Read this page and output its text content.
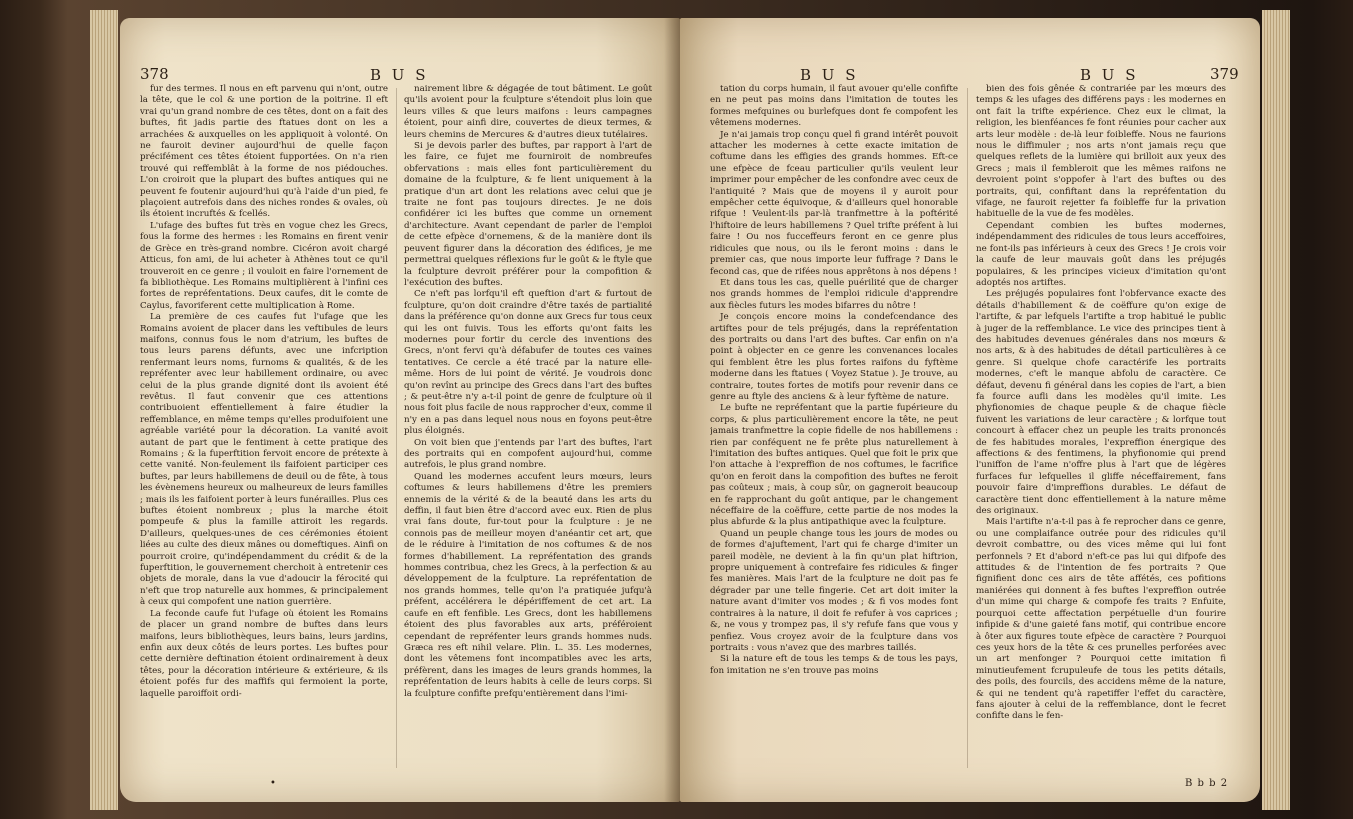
378	B U S

fur des termes. Il nous en eft parvenu qui n'ont, outre la tête, que le col & une portion de la poitrine. Il eft vrai qu'un grand nombre de ces têtes, dont on a fait des buftes, fit jadis partie des ftatues dont on les a arrachées & auxquelles on les appliquoit à volonté. On ne fauroit deviner aujourd'hui de quelle façon précifément ces têtes étoient fupportées. On n'a rien trouvé qui reffemblât à la forme de nos piédouches. L'on croiroit que la plupart des buftes antiques qui ne peuvent fe foutenir aujourd'hui qu'à l'aide d'un pied, fe plaçoient autrefois dans des niches rondes & ovales, où ils étoient incruftés & fcellés.

L'ufage des buftes fut très en vogue chez les Grecs, fous la forme des hermes : les Romains en firent venir de Grèce en très-grand nombre. Cicéron avoit chargé Atticus, fon ami, de lui acheter à Athènes tout ce qu'il trouveroit en ce genre ; il vouloit en faire l'ornement de fa bibliothèque. Les Romains multiplièrent à l'infini ces fortes de repréfentations. Deux caufes, dit le comte de Caylus, favoriferent cette multiplication à Rome.

La première de ces caufes fut l'ufage que les Romains avoient de placer dans les veftibules de leurs maifons, connus fous le nom d'atrium, les buftes de tous leurs parens défunts, avec une infcription renfermant leurs noms, furnoms & qualités, & de les repréfenter avec leur habillement ordinaire, ou avec celui de la plus grande dignité dont ils avoient été revêtus. Il faut convenir que ces attentions contribuoient effentiellement à faire étudier la reffemblance, en même temps qu'elles produifoient une agréable variété pour la décoration. La vanité avoit autant de part que le fentiment à cette pratique des Romains ; & la fuperftition fervoit encore de prétexte à cette vanité. Non-feulement ils faifoient participer ces buftes, par leurs habillemens de deuil ou de fête, à tous les évènemens heureux ou malheureux de leurs familles ; mais ils les faifoient porter à leurs funérailles. Plus ces buftes étoient nombreux ; plus la marche étoit pompeufe & plus la famille attiroit les regards. D'ailleurs, quelques-unes de ces cérémonies étoient liées au culte des dieux mânes ou domeftiques. Ainfi on pourroit croire, qu'indépendamment du crédit & de la fuperftition, le gouvernement cherchoit à entretenir ces objets de morale, dans la vue d'adoucir la férocité qui n'eft que trop naturelle aux hommes, & principalement à ceux qui compofent une nation guerrière.

La feconde caufe fut l'ufage où étoient les Romains de placer un grand nombre de buftes dans leurs maifons, leurs bibliothèques, leurs bains, leurs jardins, enfin aux deux côtés de leurs portes. Les buftes pour cette dernière deftination étoient ordinairement à deux têtes, pour la décoration intérieure & extérieure, & ils étoient pofés fur des maffifs qui fermoient la porte, laquelle paroiffoit ordi-

nairement libre & dégagée de tout bâtiment. Le goût qu'ils avoient pour la fculpture s'étendoit plus loin que leurs villes & que leurs maifons : leurs campagnes étoient, pour ainfi dire, couvertes de dieux termes, & leurs chemins de Mercures & d'autres dieux tutélaires.

Si je devois parler des buftes, par rapport à l'art de les faire, ce fujet me fourniroit de nombreufes obfervations : mais elles font particulièrement du domaine de la fculpture, & fe lient uniquement à la pratique d'un art dont les relations avec celui que je traite ne font pas toujours directes. Je ne dois confidérer ici les buftes que comme un ornement d'architecture. Avant cependant de parler de l'emploi de cette efpèce d'ornemens, & de la manière dont ils peuvent figurer dans la décoration des édifices, je me permettrai quelques réflexions fur le goût & le ftyle que la fculpture devroit préférer pour la compofition & l'exécution des buftes.

Ce n'eft pas lorfqu'il eft queftion d'art & furtout de fculpture, qu'on doit craindre d'être taxés de partialité dans la préférence qu'on donne aux Grecs fur tous ceux qui les ont fuivis. Tous les efforts qu'ont faits les modernes pour fortir du cercle des inventions des Grecs, n'ont fervi qu'à défabufer de toutes ces vaines tentatives. Ce cercle a été tracé par la nature elle-même. Hors de lui point de vérité. Je voudrois donc qu'on revînt au principe des Grecs dans l'art des buftes ; & peut-être n'y a-t-il point de genre de fculpture où il nous foit plus facile de nous rapprocher d'eux, comme il n'y en a pas dans lequel nous nous en foyons peut-être plus éloignés.

On voit bien que j'entends par l'art des buftes, l'art des portraits qui en compofent aujourd'hui, comme autrefois, le plus grand nombre.

Quand les modernes accufent leurs mœurs, leurs coftumes & leurs habillemens d'être les premiers ennemis de la vérité & de la beauté dans les arts du deffin, il faut bien être d'accord avec eux. Rien de plus vrai fans doute, fur-tout pour la fculpture : je ne connois pas de meilleur moyen d'anéantir cet art, que de le réduire à l'imitation de nos coftumes & de nos formes d'habillement. La repréfentation des grands hommes contribua, chez les Grecs, à la perfection & au développement de la fculpture. La repréfentation de nos grands hommes, telle qu'on l'a pratiquée jufqu'à préfent, accélérera le dépériffement de cet art. La caufe en eft fenfible. Les Grecs, dont les habillemens étoient des plus favorables aux arts, préféroient cependant de repréfenter leurs grands hommes nuds. Græca res eft nihil velare. Plin. L. 35. Les modernes, dont les vêtemens font incompatibles avec les arts, préfèrent, dans les images de leurs grands hommes, la repréfentation de leurs habits à celle de leurs corps. Si la fculpture confifte prefqu'entièrement dans l'imi-

•
B U S	B U S	379

tation du corps humain, il faut avouer qu'elle confifte en ne peut pas moins dans l'imitation de toutes les formes mefquines ou burlefques dont fe compofent les vêtemens modernes.

Je n'ai jamais trop conçu quel fi grand intérêt pouvoit attacher les modernes à cette exacte imitation de coftume dans les effigies des grands hommes. Eft-ce une efpèce de fceau particulier qu'ils veulent leur imprimer pour empêcher de les confondre avec ceux de l'antiquité ? Mais que de moyens il y auroit pour empêcher cette équivoque, & d'ailleurs quel honorable rifque ! Veulent-ils par-là tranfmettre à la poftérité l'hiftoire de leurs habillemens ? Quel trifte préfent à lui faire ! Ou nos fucceffeurs feront en ce genre plus ridicules que nous, ou ils le feront moins : dans le premier cas, que nous importe leur fuffrage ? Dans le fecond cas, que de rifées nous apprêtons à nos dépens !

Et dans tous les cas, quelle puérilité que de charger nos grands hommes de l'emploi ridicule d'apprendre aux fiècles futurs les modes bifarres du nôtre !

Je conçois encore moins la condefcendance des artiftes pour de tels préjugés, dans la repréfentation des portraits ou dans l'art des buftes. Car enfin on n'a point à objecter en ce genre les convenances locales qui femblent être les plus fortes raifons du fyftème moderne dans les ftatues ( Voyez Statue ). Je trouve, au contraire, toutes fortes de motifs pour revenir dans ce genre au ftyle des anciens & à leur fyftème de nature.

Le bufte ne repréfentant que la partie fupérieure du corps, & plus particulièrement encore la tête, ne peut jamais tranfmettre la copie fidelle de nos habillemens : rien par conféquent ne fe prête plus naturellement à l'imitation des buftes antiques. Quel que foit le prix que l'on attache à l'expreffion de nos coftumes, le facrifice qu'on en feroit dans la compofition des buftes ne feroit pas coûteux ; mais, à coup sûr, on gagneroit beaucoup en fe rapprochant du goût antique, par le changement néceffaire de la coëffure, cette partie de nos modes la plus abfurde & la plus antipathique avec la fculpture.

Quand un peuple change tous les jours de modes ou de formes d'ajuftement, l'art qui fe charge d'imiter un pareil modèle, ne devient à la fin qu'un plat hiftrion, propre uniquement à contrefaire fes ridicules & finger fes manières. Mais l'art de la fculpture ne doit pas fe dégrader par une telle fingerie. Cet art doit imiter la nature avant d'imiter vos modes ; & fi vos modes font contraires à la nature, il doit fe refufer à vos caprices ; &, ne vous y trompez pas, il s'y refufe fans que vous y penfiez. Vous croyez avoir de la fculpture dans vos portraits : vous n'avez que des marbres taillés.

Si la nature eft de tous les temps & de tous les pays, fon imitation ne s'en trouve pas moins

bien des fois gênée & contrariée par les mœurs des temps & les ufages des différens pays : les modernes en ont fait la trifte expérience. Chez eux le climat, la religion, les bienféances fe font réunies pour cacher aux arts leur modèle : de-là leur foibleffe. Nous ne faurions nous le diffimuler ; nos arts n'ont jamais reçu que quelques reflets de la lumière qui brilloit aux yeux des Grecs ; mais il fembleroit que les mêmes raifons ne devroient point s'oppofer à l'art des buftes ou des portraits, qui, confiftant dans la repréfentation du vifage, ne fauroit rejetter fa foibleffe fur la privation habituelle de la vue de fes modèles.

Cependant combien les buftes modernes, indépendamment des ridicules de tous leurs acceffoires, ne font-ils pas inférieurs à ceux des Grecs ! Je crois voir la caufe de leur mauvais goût dans les préjugés populaires, & les principes vicieux d'imitation qu'ont adoptés nos artiftes.

Les préjugés populaires font l'obfervance exacte des détails d'habillement & de coëffure qu'on exige de l'artifte, & par lefquels l'artifte a trop habitué le public à juger de la reffemblance. Le vice des principes tient à des habitudes devenues générales dans nos mœurs & nos arts, & à des habitudes de détail particulières à ce genre. Si quelque chofe caractérife les portraits modernes, c'eft le manque abfolu de caractère. Ce défaut, devenu fi général dans les copies de l'art, a bien fa fource aufli dans les modèles qu'il imite. Les phyfionomies de chaque peuple & de chaque fiècle fuivent les variations de leur caractère ; & lorfque tout concourt à effacer chez un peuple les traits prononcés de fes habitudes morales, l'expreffion énergique des affections & des fentimens, la phyfionomie qui prend l'uniffon de l'ame n'offre plus à l'art que de légères furfaces fur lefquelles il gliffe néceffairement, fans pouvoir faire d'impreffions durables. Le défaut de caractère tient donc effentiellement à la nature même des originaux.

Mais l'artifte n'a-t-il pas à fe reprocher dans ce genre, ou une complaifance outrée pour des ridicules qu'il devroit combattre, ou des vices même qui lui font perfonnels ? Et d'abord n'eft-ce pas lui qui difpofe des attitudes & de l'intention de fes portraits ? Que fignifient donc ces airs de tête affétés, ces pofitions maniérées qui donnent à fes buftes l'expreffion outrée d'un mime qui charge & compofe fes traits ? Enfuite, pourquoi cette affectation perpétuelle d'un fourire infipide & d'une gaieté fans motif, qui contribue encore à ôter aux figures toute efpèce de caractère ? Pourquoi ces yeux hors de la tête & ces prunelles perforées avec un art menfonger ? Pourquoi cette imitation fi minutieufement fcrupuleufe de tous les petits détails, des poils, des fourcils, des accidens même de la nature, & qui ne tendent qu'à rapetiffer l'effet du caractère, fans ajouter à celui de la reffemblance, dont le fecret confifte dans le fen-

B b b 2
